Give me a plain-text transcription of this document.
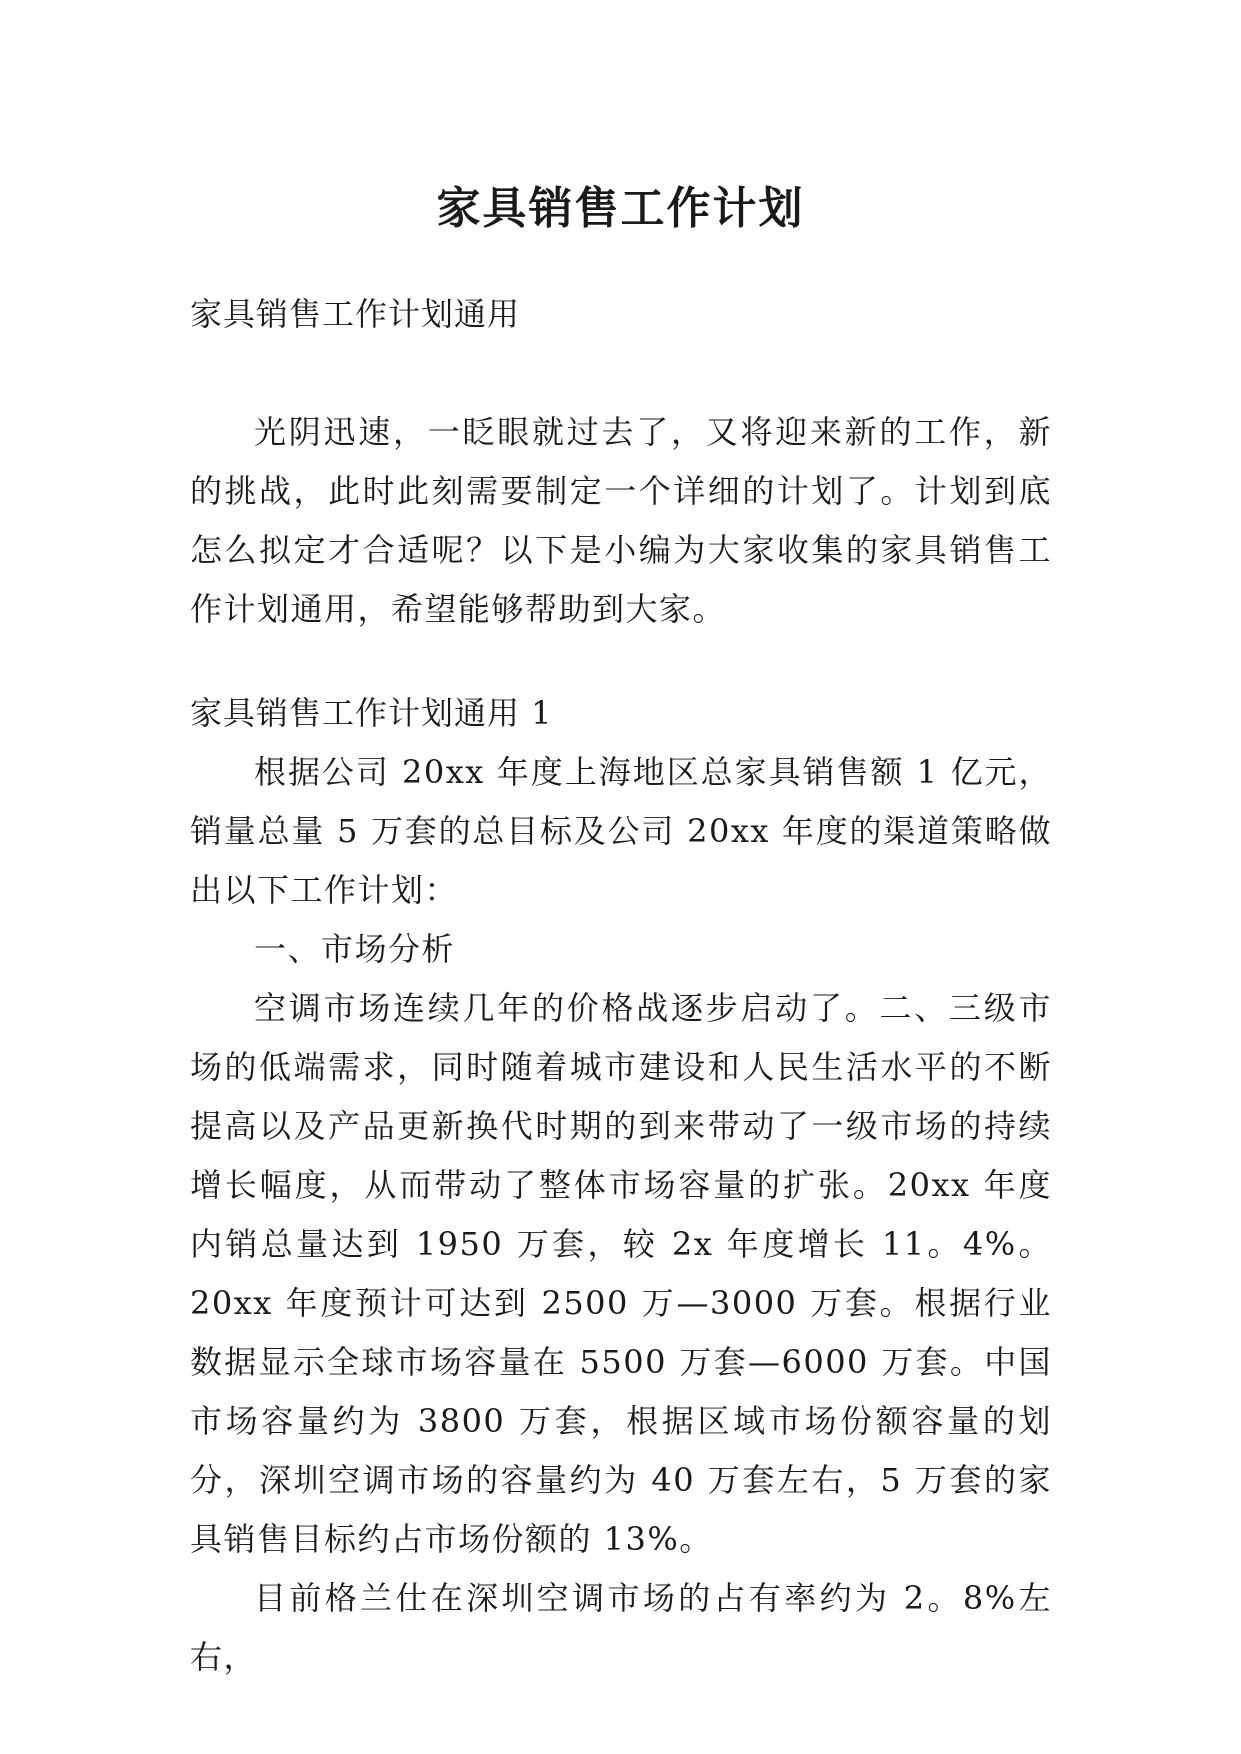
家具销售工作计划

家具销售工作计划通用

光阴迅速，一眨眼就过去了，又将迎来新的工作，新的挑战，此时此刻需要制定一个详细的计划了。计划到底怎么拟定才合适呢？以下是小编为大家收集的家具销售工作计划通用，希望能够帮助到大家。

家具销售工作计划通用 1

根据公司 20xx 年度上海地区总家具销售额 1 亿元，销量总量 5 万套的总目标及公司 20xx 年度的渠道策略做出以下工作计划：

一、市场分析

空调市场连续几年的价格战逐步启动了。二、三级市场的低端需求，同时随着城市建设和人民生活水平的不断提高以及产品更新换代时期的到来带动了一级市场的持续增长幅度，从而带动了整体市场容量的扩张。20xx 年度内销总量达到 1950 万套，较 2x 年度增长 11。4%。20xx 年度预计可达到 2500 万—3000 万套。根据行业数据显示全球市场容量在 5500 万套—6000 万套。中国市场容量约为 3800 万套，根据区域市场份额容量的划分，深圳空调市场的容量约为 40 万套左右，5 万套的家具销售目标约占市场份额的 13%。

目前格兰仕在深圳空调市场的占有率约为 2。8%左右，
